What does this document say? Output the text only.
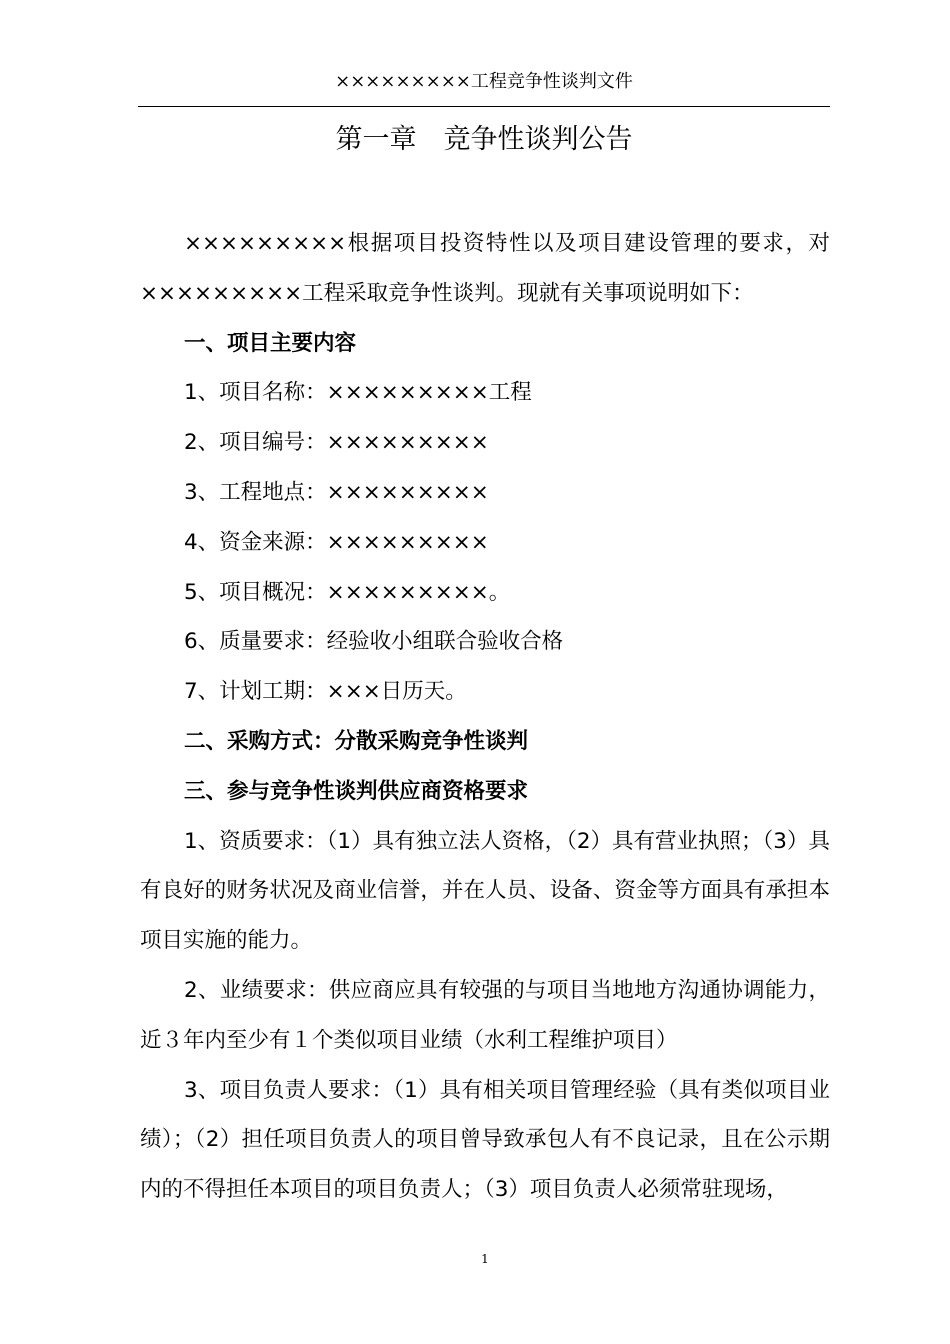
×××××××××工程竞争性谈判文件
第一章　竞争性谈判公告

×××××××××根据项目投资特性以及项目建设管理的要求，对×××××××××工程采取竞争性谈判。现就有关事项说明如下：

一、项目主要内容

1、项目名称：×××××××××工程

2、项目编号：×××××××××

3、工程地点：×××××××××

4、资金来源：×××××××××

5、项目概况：×××××××××。

6、质量要求：经验收小组联合验收合格

7、计划工期：×××日历天。

二、采购方式：分散采购竞争性谈判

三、参与竞争性谈判供应商资格要求

1、资质要求：（1）具有独立法人资格，（2）具有营业执照；（3）具有良好的财务状况及商业信誉，并在人员、设备、资金等方面具有承担本项目实施的能力。

2、业绩要求：供应商应具有较强的与项目当地地方沟通协调能力，近３年内至少有１个类似项目业绩（水利工程维护项目）

3、项目负责人要求：（1）具有相关项目管理经验（具有类似项目业绩）；（2）担任项目负责人的项目曾导致承包人有不良记录，且在公示期内的不得担任本项目的项目负责人；（3）项目负责人必须常驻现场，

1
